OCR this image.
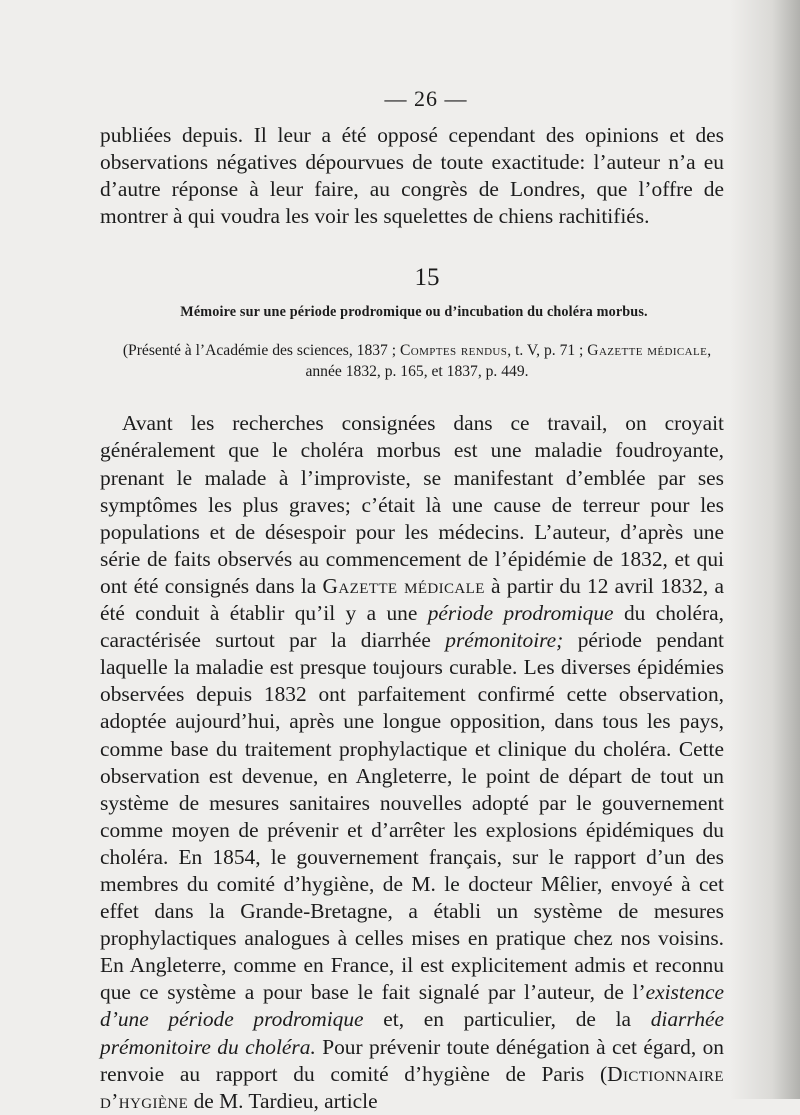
— 26 —

publiées depuis. Il leur a été opposé cependant des opinions et des observations négatives dépourvues de toute exactitude: l’auteur n’a eu d’autre réponse à leur faire, au congrès de Londres, que l’offre de montrer à qui voudra les voir les squelettes de chiens rachitifiés.

15
Mémoire sur une période prodromique ou d’incubation du choléra morbus.
(Présenté à l’Académie des sciences, 1837 ; Comptes rendus, t. V, p. 71 ; Gazette médicale, année 1832, p. 165, et 1837, p. 449.

Avant les recherches consignées dans ce travail, on croyait généralement que le choléra morbus est une maladie foudroyante, prenant le malade à l’improviste, se manifestant d’emblée par ses symptômes les plus graves; c’était là une cause de terreur pour les populations et de désespoir pour les médecins. L’auteur, d’après une série de faits observés au commencement de l’épidémie de 1832, et qui ont été consignés dans la Gazette médicale à partir du 12 avril 1832, a été conduit à établir qu’il y a une période prodromique du choléra, caractérisée surtout par la diarrhée prémonitoire; période pendant laquelle la maladie est presque toujours curable. Les diverses épidémies observées depuis 1832 ont parfaitement confirmé cette observation, adoptée aujourd’hui, après une longue opposition, dans tous les pays, comme base du traitement prophylactique et clinique du choléra. Cette observation est devenue, en Angleterre, le point de départ de tout un système de mesures sanitaires nouvelles adopté par le gouvernement comme moyen de prévenir et d’arrêter les explosions épidémiques du choléra. En 1854, le gouvernement français, sur le rapport d’un des membres du comité d’hygiène, de M. le docteur Mêlier, envoyé à cet effet dans la Grande-Bretagne, a établi un système de mesures prophylactiques analogues à celles mises en pratique chez nos voisins. En Angleterre, comme en France, il est explicitement admis et reconnu que ce système a pour base le fait signalé par l’auteur, de l’existence d’une période prodromique et, en particulier, de la diarrhée prémonitoire du choléra. Pour prévenir toute dénégation à cet égard, on renvoie au rapport du comité d’hygiène de Paris (Dictionnaire d’hygiène de M. Tardieu, article
